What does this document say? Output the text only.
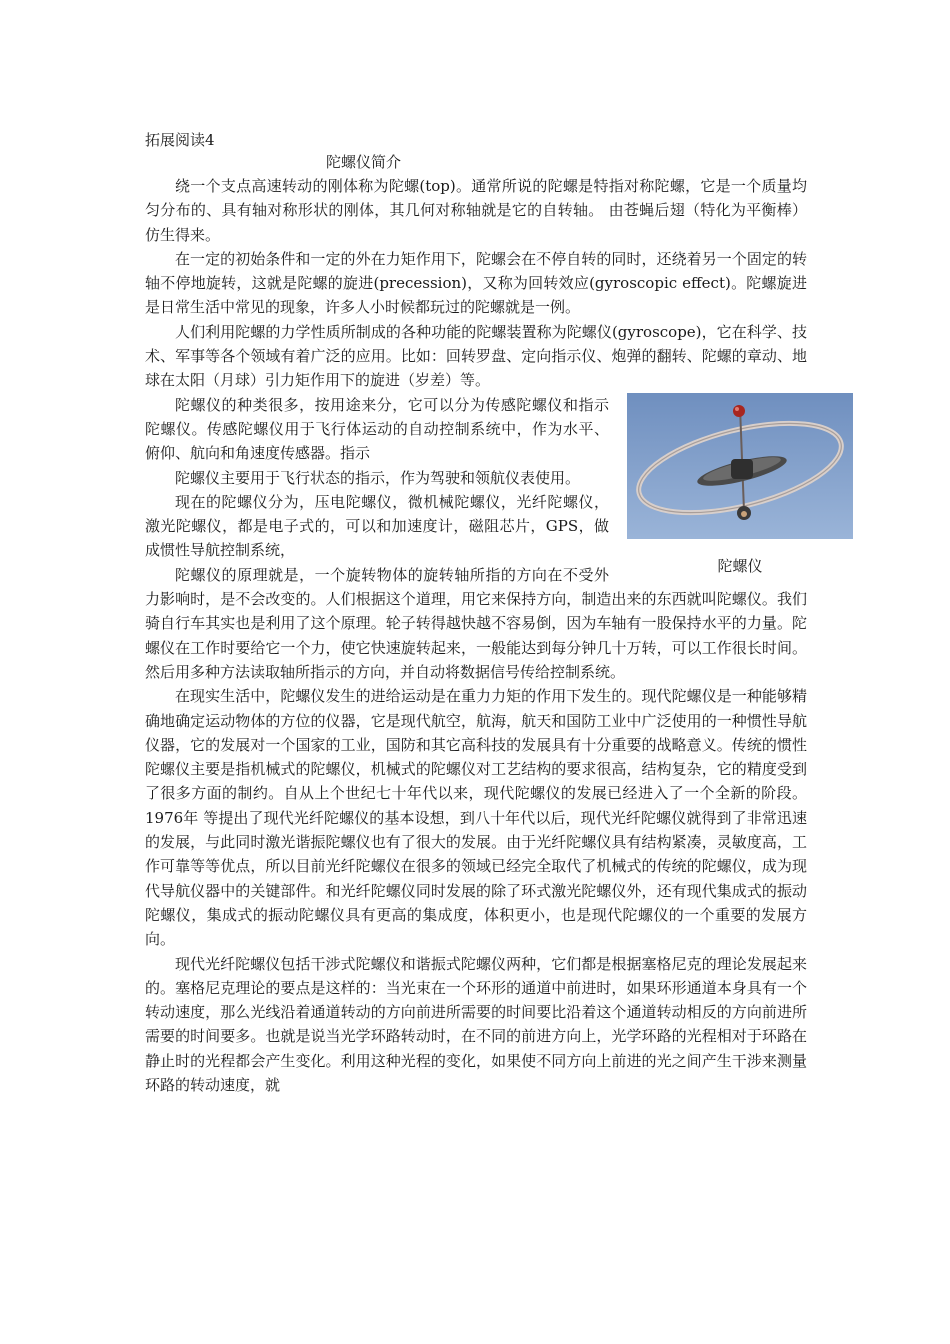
拓展阅读4
陀螺仪简介

绕一个支点高速转动的刚体称为陀螺(top)。通常所说的陀螺是特指对称陀螺，它是一个质量均匀分布的、具有轴对称形状的刚体，其几何对称轴就是它的自转轴。 由苍蝇后翅（特化为平衡棒）仿生得来。

在一定的初始条件和一定的外在力矩作用下，陀螺会在不停自转的同时，还绕着另一个固定的转轴不停地旋转，这就是陀螺的旋进(precession)，又称为回转效应(gyroscopic effect)。陀螺旋进是日常生活中常见的现象，许多人小时候都玩过的陀螺就是一例。

人们利用陀螺的力学性质所制成的各种功能的陀螺装置称为陀螺仪(gyroscope)，它在科学、技术、军事等各个领域有着广泛的应用。比如：回转罗盘、定向指示仪、炮弹的翻转、陀螺的章动、地球在太阳（月球）引力矩作用下的旋进（岁差）等。

陀螺仪

陀螺仪的种类很多，按用途来分，它可以分为传感陀螺仪和指示陀螺仪。传感陀螺仪用于飞行体运动的自动控制系统中，作为水平、俯仰、航向和角速度传感器。指示

陀螺仪主要用于飞行状态的指示，作为驾驶和领航仪表使用。

现在的陀螺仪分为，压电陀螺仪，微机械陀螺仪，光纤陀螺仪，激光陀螺仪，都是电子式的，可以和加速度计，磁阻芯片，GPS，做成惯性导航控制系统，

陀螺仪的原理就是，一个旋转物体的旋转轴所指的方向在不受外力影响时，是不会改变的。人们根据这个道理，用它来保持方向，制造出来的东西就叫陀螺仪。我们骑自行车其实也是利用了这个原理。轮子转得越快越不容易倒，因为车轴有一股保持水平的力量。陀螺仪在工作时要给它一个力，使它快速旋转起来，一般能达到每分钟几十万转，可以工作很长时间。然后用多种方法读取轴所指示的方向，并自动将数据信号传给控制系统。

在现实生活中，陀螺仪发生的进给运动是在重力力矩的作用下发生的。现代陀螺仪是一种能够精确地确定运动物体的方位的仪器，它是现代航空，航海，航天和国防工业中广泛使用的一种惯性导航仪器，它的发展对一个国家的工业，国防和其它高科技的发展具有十分重要的战略意义。传统的惯性陀螺仪主要是指机械式的陀螺仪，机械式的陀螺仪对工艺结构的要求很高，结构复杂，它的精度受到了很多方面的制约。自从上个世纪七十年代以来，现代陀螺仪的发展已经进入了一个全新的阶段。1976年 等提出了现代光纤陀螺仪的基本设想，到八十年代以后，现代光纤陀螺仪就得到了非常迅速的发展，与此同时激光谐振陀螺仪也有了很大的发展。由于光纤陀螺仪具有结构紧凑，灵敏度高，工作可靠等等优点，所以目前光纤陀螺仪在很多的领域已经完全取代了机械式的传统的陀螺仪，成为现代导航仪器中的关键部件。和光纤陀螺仪同时发展的除了环式激光陀螺仪外，还有现代集成式的振动陀螺仪，集成式的振动陀螺仪具有更高的集成度，体积更小，也是现代陀螺仪的一个重要的发展方向。

现代光纤陀螺仪包括干涉式陀螺仪和谐振式陀螺仪两种，它们都是根据塞格尼克的理论发展起来的。塞格尼克理论的要点是这样的：当光束在一个环形的通道中前进时，如果环形通道本身具有一个转动速度，那么光线沿着通道转动的方向前进所需要的时间要比沿着这个通道转动相反的方向前进所需要的时间要多。也就是说当光学环路转动时，在不同的前进方向上，光学环路的光程相对于环路在静止时的光程都会产生变化。利用这种光程的变化，如果使不同方向上前进的光之间产生干涉来测量环路的转动速度，就
